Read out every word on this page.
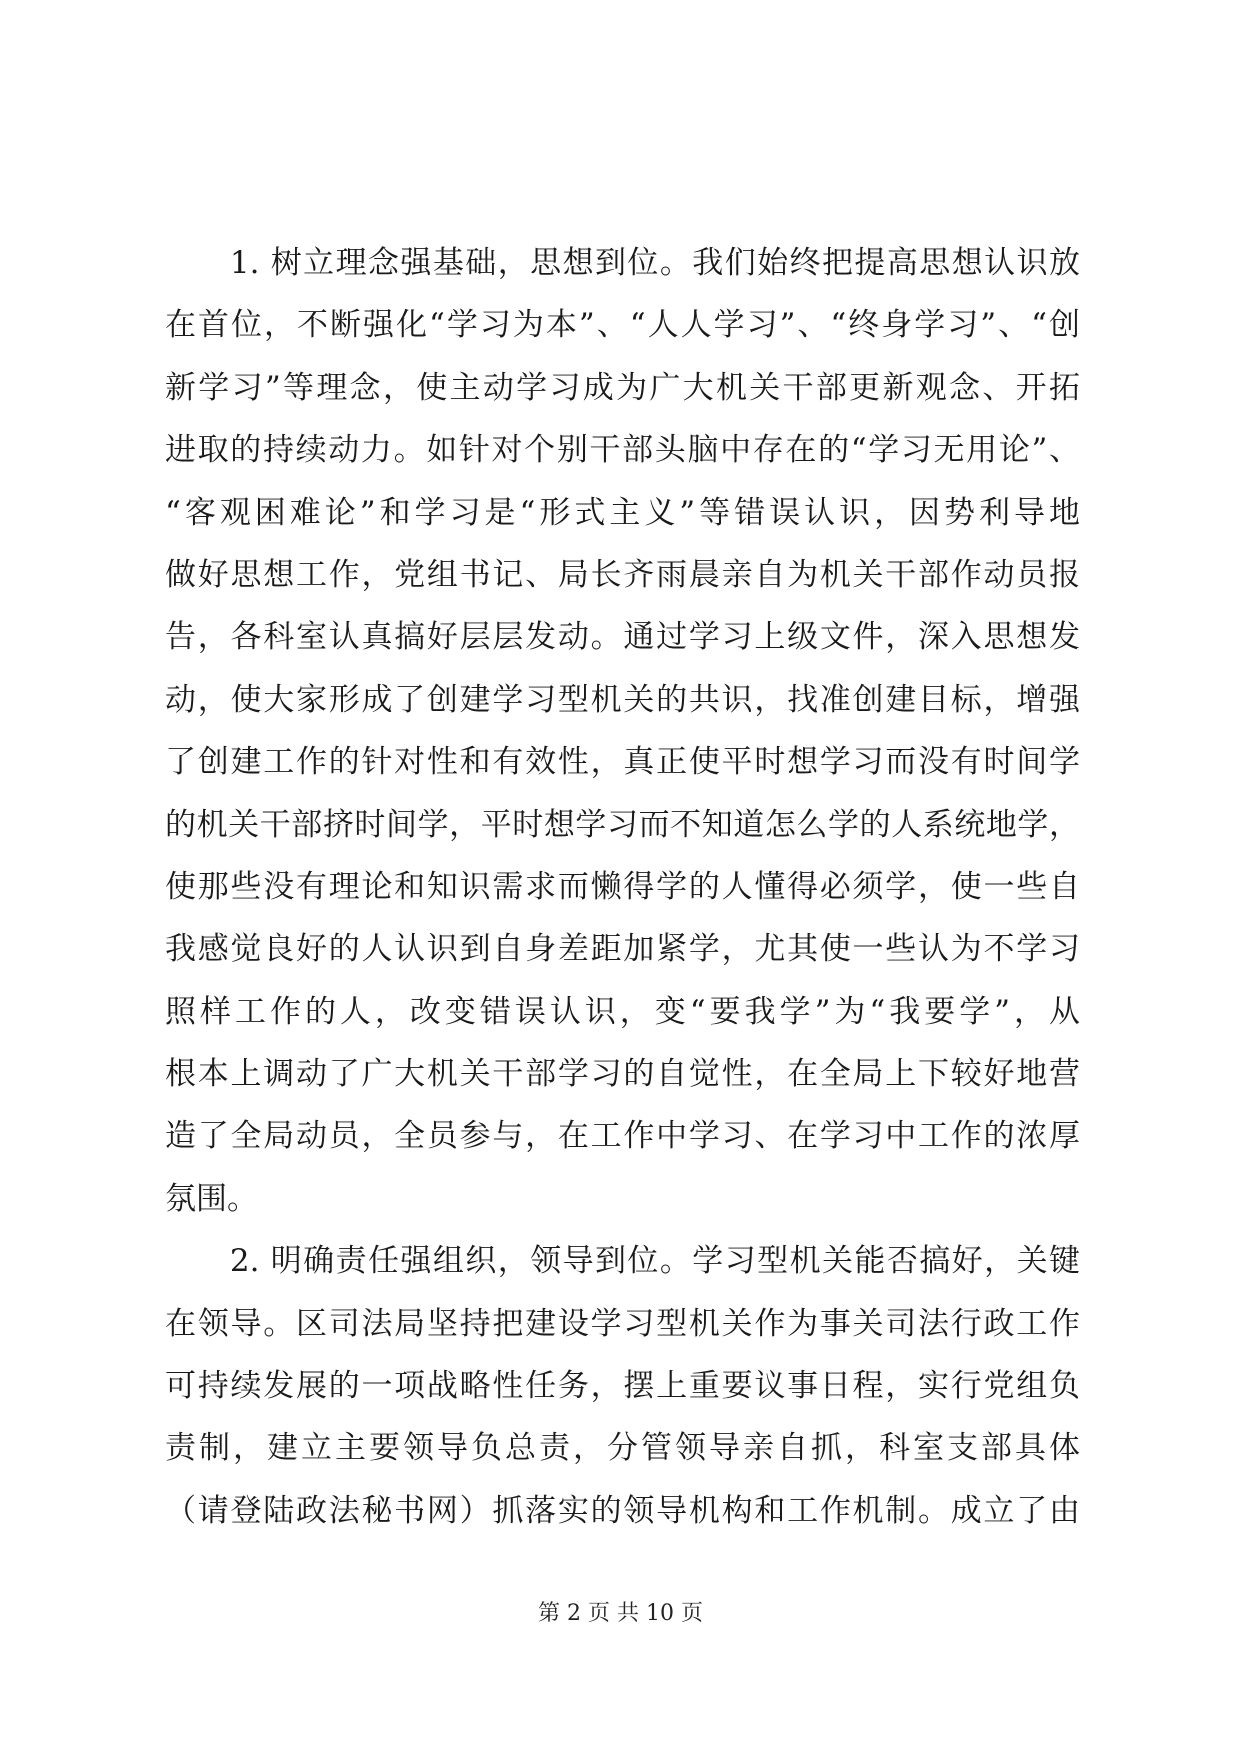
　　1. 树立理念强基础，思想到位。我们始终把提高思想认识放
在首位，不断强化“学习为本”、“人人学习”、“终身学习”、“创
新学习”等理念，使主动学习成为广大机关干部更新观念、开拓
进取的持续动力。如针对个别干部头脑中存在的“学习无用论”、
“客观困难论”和学习是“形式主义”等错误认识，因势利导地
做好思想工作，党组书记、局长齐雨晨亲自为机关干部作动员报
告，各科室认真搞好层层发动。通过学习上级文件，深入思想发
动，使大家形成了创建学习型机关的共识，找准创建目标，增强
了创建工作的针对性和有效性，真正使平时想学习而没有时间学
的机关干部挤时间学，平时想学习而不知道怎么学的人系统地学，
使那些没有理论和知识需求而懒得学的人懂得必须学，使一些自
我感觉良好的人认识到自身差距加紧学，尤其使一些认为不学习
照样工作的人，改变错误认识，变“要我学”为“我要学”，从
根本上调动了广大机关干部学习的自觉性，在全局上下较好地营
造了全局动员，全员参与，在工作中学习、在学习中工作的浓厚
氛围。
　　2. 明确责任强组织，领导到位。学习型机关能否搞好，关键
在领导。区司法局坚持把建设学习型机关作为事关司法行政工作
可持续发展的一项战略性任务，摆上重要议事日程，实行党组负
责制，建立主要领导负总责，分管领导亲自抓，科室支部具体
（请登陆政法秘书网）抓落实的领导机构和工作机制。成立了由
第 2 页 共 10 页
